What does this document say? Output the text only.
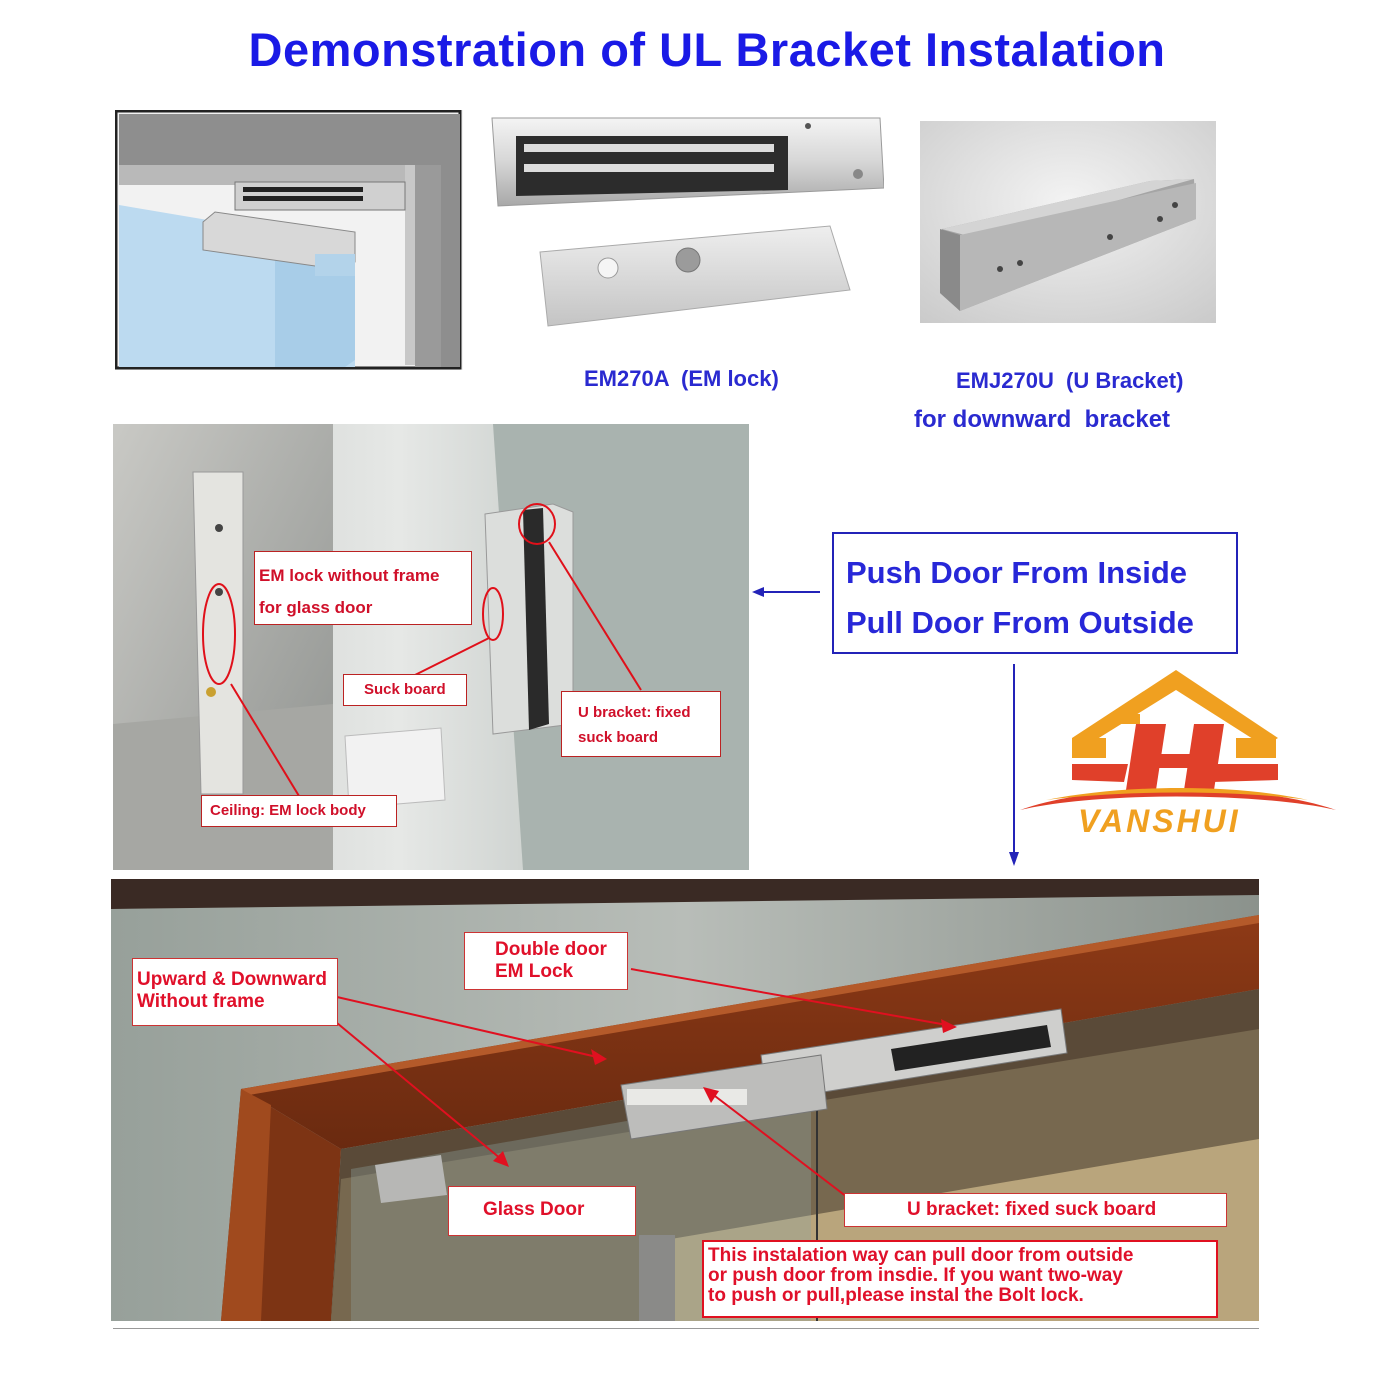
Demonstration of UL Bracket Instalation
EM270A  (EM lock)	EMJ270U  (U Bracket)
for downward  bracket
EM lock without frame
for glass door
Suck board
U bracket: fixed
suck board
Ceiling: EM lock body
Push Door From Inside
Pull Door From Outside
VANSHUI
Upward & Downward
Without frame
Double door
EM Lock
Glass Door	U bracket: fixed suck board
This instalation way can pull door from outside
or push door from insdie. If you want two-way
to push or pull,please instal the Bolt lock.
